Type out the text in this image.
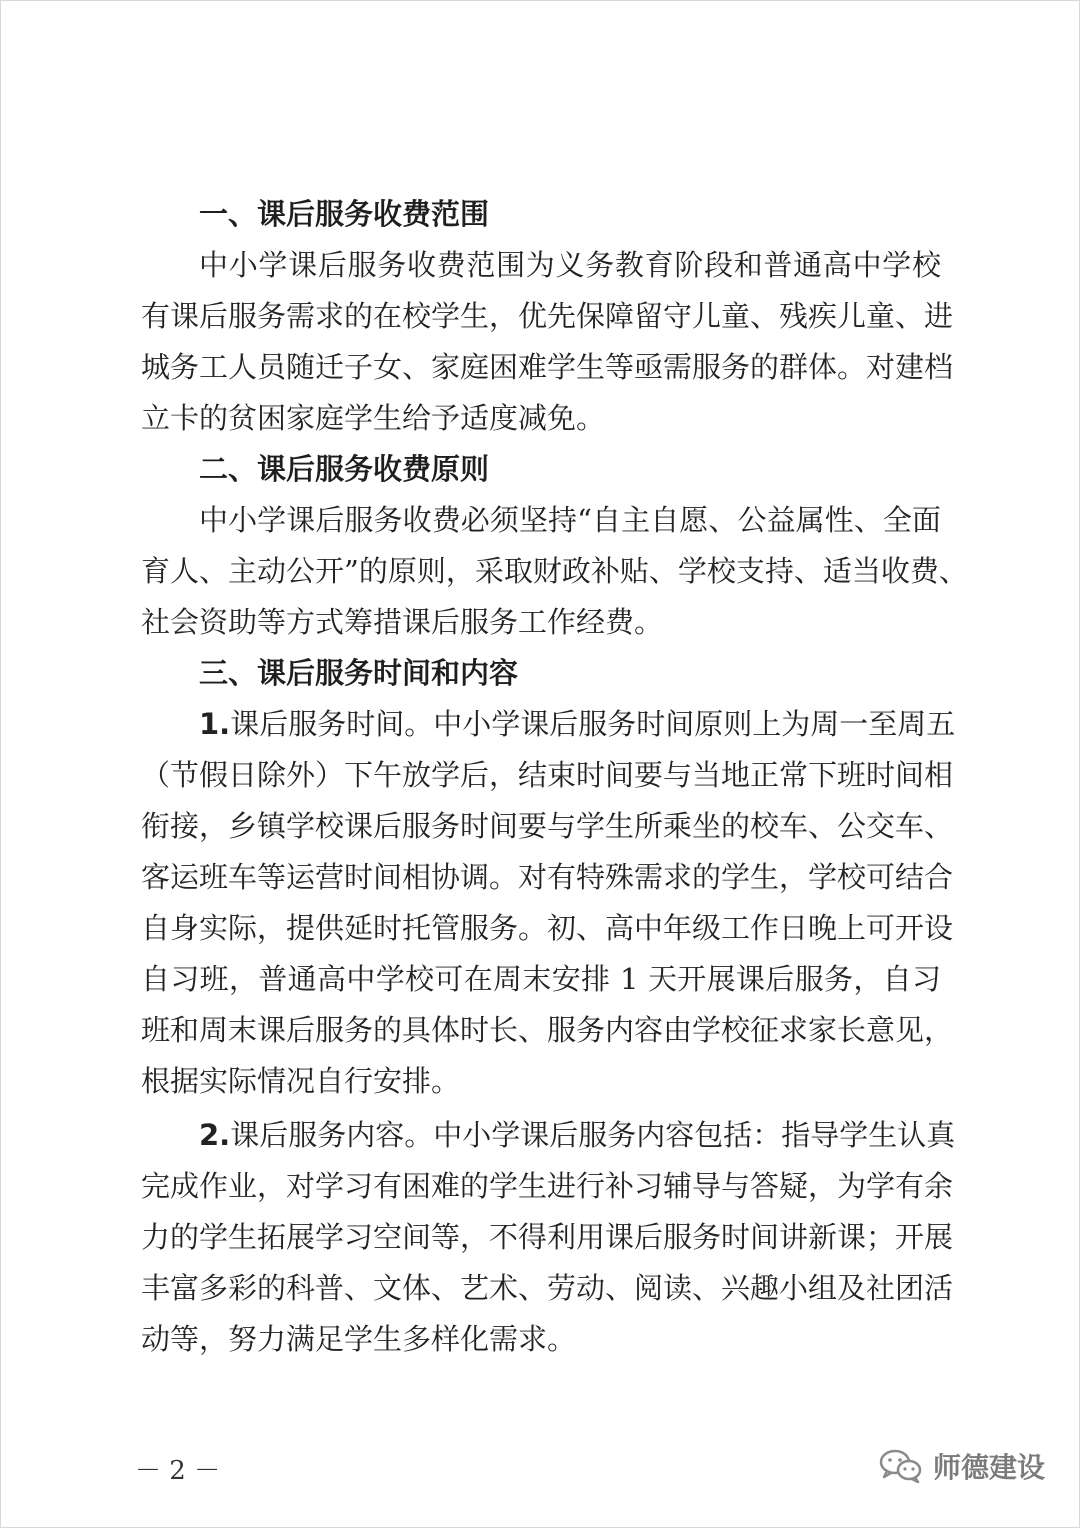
一、课后服务收费范围
中小学课后服务收费范围为义务教育阶段和普通高中学校
有课后服务需求的在校学生，优先保障留守儿童、残疾儿童、进
城务工人员随迁子女、家庭困难学生等亟需服务的群体。对建档
立卡的贫困家庭学生给予适度减免。
二、课后服务收费原则
中小学课后服务收费必须坚持“自主自愿、公益属性、全面
育人、主动公开”的原则，采取财政补贴、学校支持、适当收费、
社会资助等方式筹措课后服务工作经费。
三、课后服务时间和内容
1.课后服务时间。中小学课后服务时间原则上为周一至周五
（节假日除外）下午放学后，结束时间要与当地正常下班时间相
衔接，乡镇学校课后服务时间要与学生所乘坐的校车、公交车、
客运班车等运营时间相协调。对有特殊需求的学生，学校可结合
自身实际，提供延时托管服务。初、高中年级工作日晚上可开设
自习班，普通高中学校可在周末安排 1 天开展课后服务，自习
班和周末课后服务的具体时长、服务内容由学校征求家长意见，
根据实际情况自行安排。
2.课后服务内容。中小学课后服务内容包括：指导学生认真
完成作业，对学习有困难的学生进行补习辅导与答疑，为学有余
力的学生拓展学习空间等，不得利用课后服务时间讲新课；开展
丰富多彩的科普、文体、艺术、劳动、阅读、兴趣小组及社团活
动等，努力满足学生多样化需求。
－ 2 －	师德建设
